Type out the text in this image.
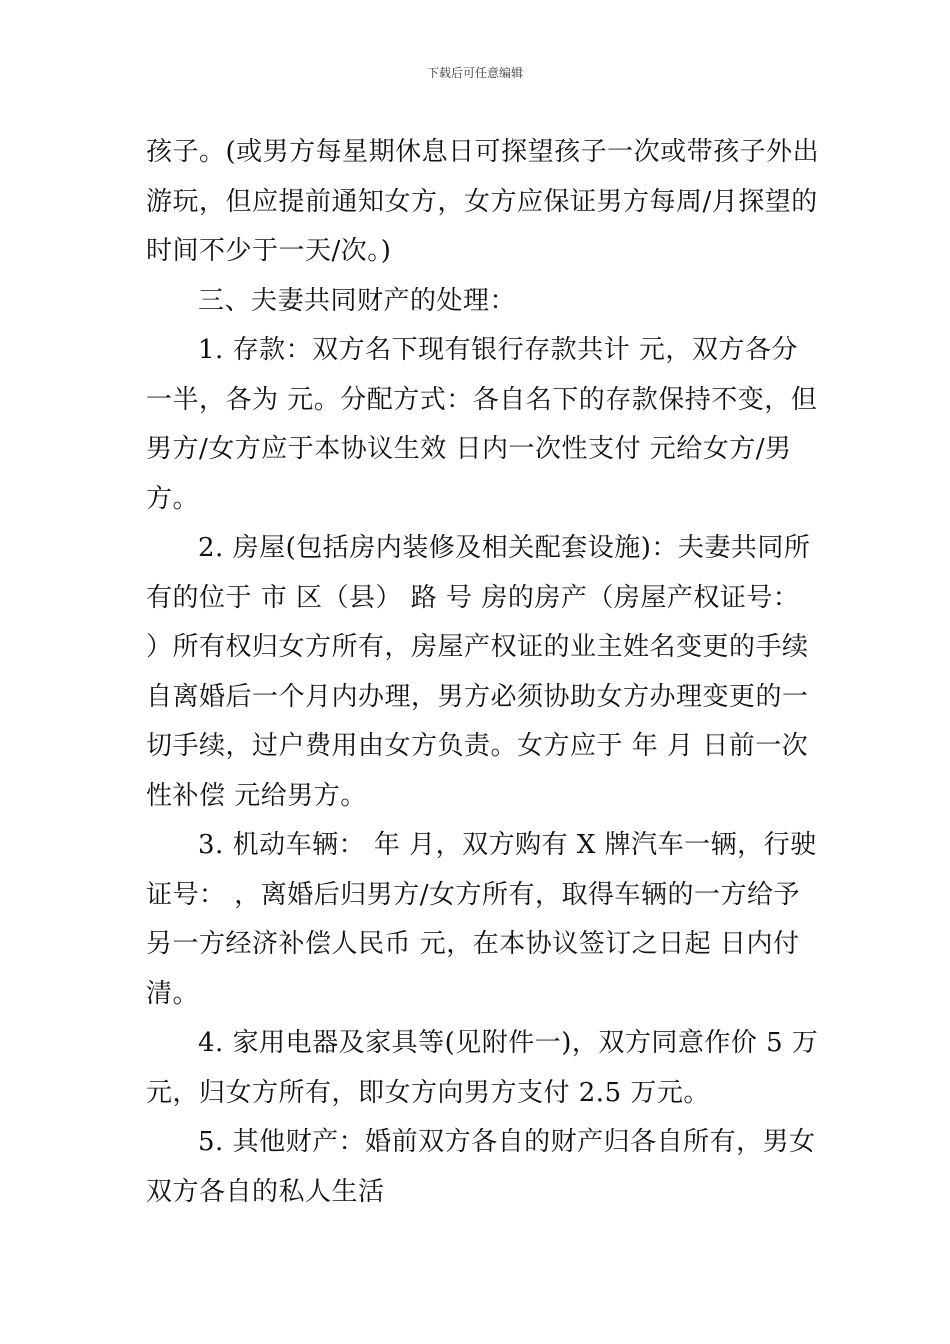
下载后可任意编辑
孩子。(或男方每星期休息日可探望孩子一次或带孩子外出
游玩，但应提前通知女方，女方应保证男方每周/月探望的
时间不少于一天/次。)
三、夫妻共同财产的处理：
1. 存款：双方名下现有银行存款共计 元，双方各分
一半，各为 元。分配方式：各自名下的存款保持不变，但
男方/女方应于本协议生效 日内一次性支付 元给女方/男
方。
2. 房屋(包括房内装修及相关配套设施)：夫妻共同所
有的位于 市 区（县） 路 号 房的房产（房屋产权证号：
）所有权归女方所有，房屋产权证的业主姓名变更的手续
自离婚后一个月内办理，男方必须协助女方办理变更的一
切手续，过户费用由女方负责。女方应于 年 月 日前一次
性补偿 元给男方。
3. 机动车辆： 年 月，双方购有 X 牌汽车一辆，行驶
证号： ，离婚后归男方/女方所有，取得车辆的一方给予
另一方经济补偿人民币 元，在本协议签订之日起 日内付
清。
4. 家用电器及家具等(见附件一)，双方同意作价 5 万
元，归女方所有，即女方向男方支付 2.5 万元。
5. 其他财产：婚前双方各自的财产归各自所有，男女
双方各自的私人生活
